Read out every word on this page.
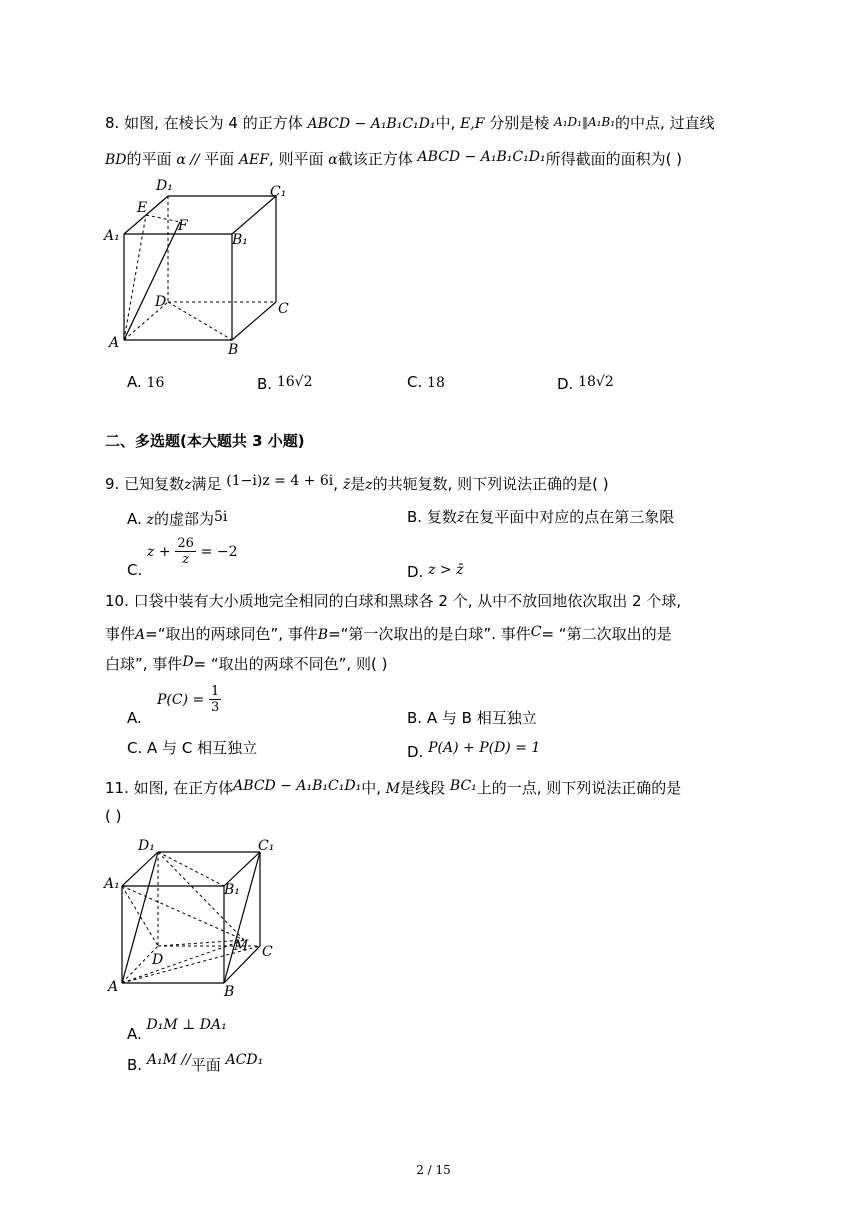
8. 如图, 在棱长为 4 的正方体 ABCD − A₁B₁C₁D₁中, E,F 分别是棱 A₁D₁‖A₁B₁的中点, 过直线
BD的平面 α // 平面 AEF, 则平面 α截该正方体 ABCD − A₁B₁C₁D₁所得截面的面积为( )
D₁	C₁
E
F
A₁	B₁
D	C
A	B
A. 16	B. 16√2	C. 18	D. 18√2
二、多选题(本大题共 3 小题)
9. 已知复数z满足 (1−i)z = 4 + 6i, z̄是z的共轭复数, 则下列说法正确的是( )
A. z的虚部为5i	B. 复数z̄在复平面中对应的点在第三象限
C.
$z + \frac{26}{z} = -2$
D. z > z̄
10. 口袋中装有大小质地完全相同的白球和黑球各 2 个, 从中不放回地依次取出 2 个球,
事件A=“取出的两球同色”, 事件B=“第一次取出的是白球”. 事件C= “第二次取出的是
白球”, 事件D= “取出的两球不同色”, 则( )
A.
$P(C) = \frac{1}{3}$
B. A 与 B 相互独立
C. A 与 C 相互独立	D. P(A) + P(D) = 1
11. 如图, 在正方体ABCD − A₁B₁C₁D₁中, M是线段 BC₁上的一点, 则下列说法正确的是
( )
D₁	C₁
A₁	B₁
M C
D
A	B
A. D₁M ⊥ DA₁
B. A₁M //平面 ACD₁
2 / 15
